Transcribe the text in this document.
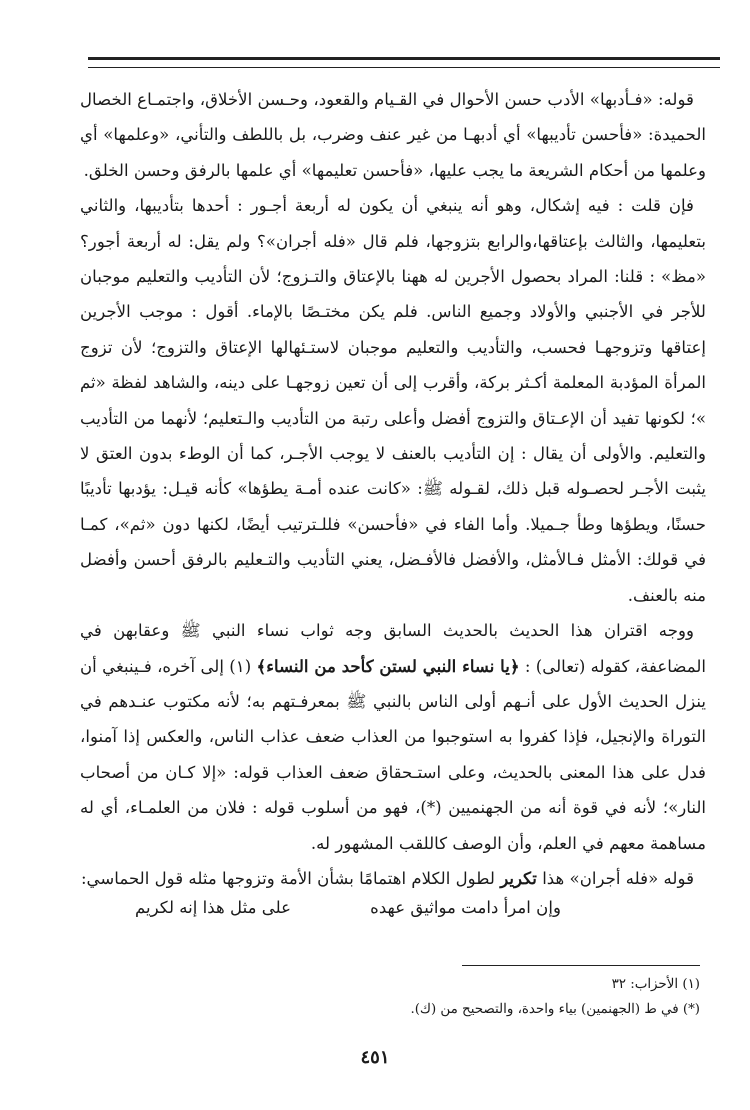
قوله: «فـأدبها» الأدب حسن الأحوال في القـيام والقعود، وحـسن الأخلاق، واجتمـاع الخصال الحميدة: «فأحسن تأديبها» أي أدبهـا من غير عنف وضرب، بل باللطف والتأني، «وعلمها» أي وعلمها من أحكام الشريعة ما يجب عليها، «فأحسن تعليمها» أي علمها بالرفق وحسن الخلق.

فإن قلت : فيه إشكال، وهو أنه ينبغي أن يكون له أربعة أجـور : أحدها بتأديبها، والثاني بتعليمها، والثالث بإعتاقها،والرابع بتزوجها، فلم قال «فله أجران»؟ ولم يقل: له أربعة أجور؟ «مظ» : قلنا: المراد بحصول الأجرين له ههنا بالإعتاق والتـزوج؛ لأن التأديب والتعليم موجبان للأجر في الأجنبي والأولاد وجميع الناس. فلم يكن مختـصًا بالإماء. أقول : موجب الأجرين إعتاقها وتزوجهـا فحسب، والتأديب والتعليم موجبان لاستـئهالها الإعتاق والتزوج؛ لأن تزوج المرأة المؤدبة المعلمة أكـثر بركة، وأقرب إلى أن تعين زوجهـا على دينه، والشاهد لفظة «ثم »؛ لكونها تفيد أن الإعـتاق والتزوج أفضل وأعلى رتبة من التأديب والـتعليم؛ لأنهما من التأديب والتعليم. والأولى أن يقال : إن التأديب بالعنف لا يوجب الأجـر، كما أن الوطء بدون العتق لا يثبت الأجـر لحصـوله قبل ذلك، لقـوله ﷺ: «كانت عنده أمـة يطؤها» كأنه قيـل: يؤدبها تأديبًا حسنًا، ويطؤها وطأ جـميلا. وأما الفاء في «فأحسن» فللـترتيب أيضًا، لكنها دون «ثم»، كمـا في قولك: الأمثل فـالأمثل، والأفضل فالأفـضل، يعني التأديب والتـعليم بالرفق أحسن وأفضل منه بالعنف.

ووجه اقتران هذا الحديث بالحديث السابق وجه ثواب نساء النبي ﷺ وعقابهن في المضاعفة، كقوله (تعالى) : ﴿يا نساء النبي لستن كأحد من النساء﴾ (١) إلى آخره، فـينبغي أن ينزل الحديث الأول على أنـهم أولى الناس بالنبي ﷺ بمعرفـتهم به؛ لأنه مكتوب عنـدهم في التوراة والإنجيل، فإذا كفروا به استوجبوا من العذاب ضعف عذاب الناس، والعكس إذا آمنوا، فدل على هذا المعنى بالحديث، وعلى استـحقاق ضعف العذاب قوله: «إلا كـان من أصحاب النار»؛ لأنه في قوة أنه من الجهنميين (*)، فهو من أسلوب قوله : فلان من العلمـاء، أي له مساهمة معهم في العلم، وأن الوصف كاللقب المشهور له.

قوله «فله أجران» هذا تكرير لطول الكلام اهتمامًا بشأن الأمة وتزوجها مثله قول الحماسي:

وإن امرأ دامت مواثيق عهده
على مثل هذا إنه لكريم

(١) الأحزاب: ٣٢

(*) في ط (الجهنمين) بياء واحدة، والتصحيح من (ك).

٤٥١
